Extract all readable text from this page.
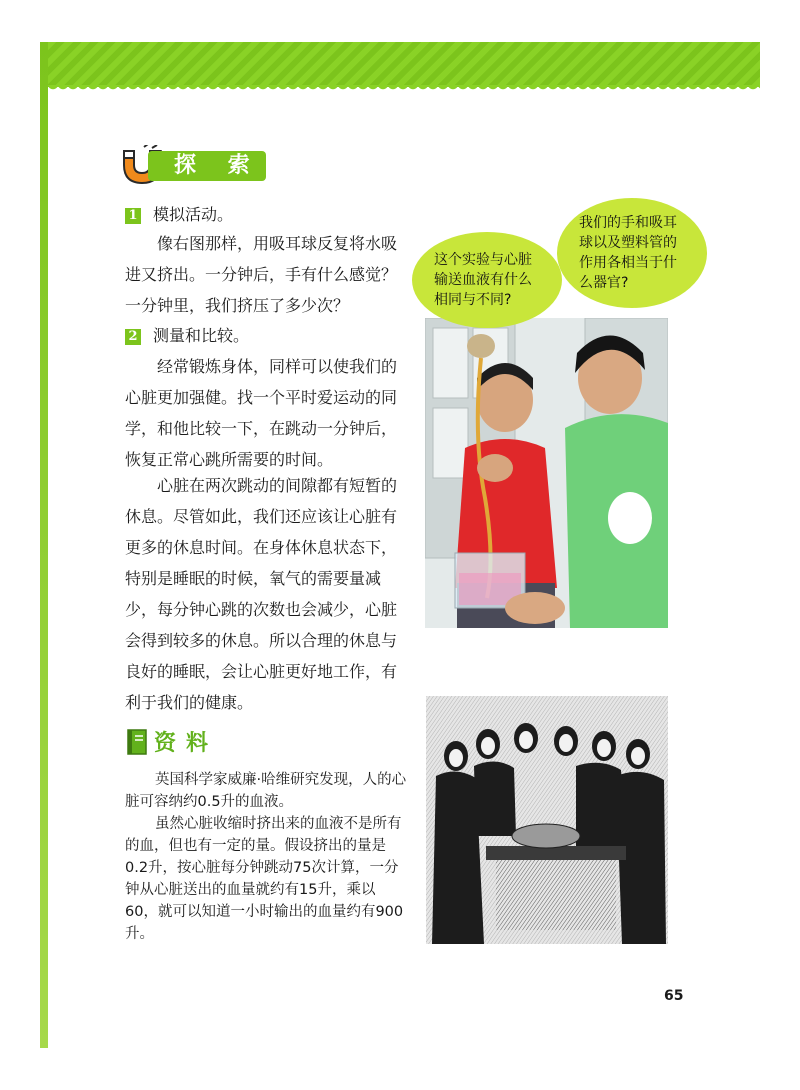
探 索
1 模拟活动。

像右图那样，用吸耳球反复将水吸进又挤出。一分钟后，手有什么感觉？一分钟里，我们挤压了多少次？

2 测量和比较。

经常锻炼身体，同样可以使我们的心脏更加强健。找一个平时爱运动的同学，和他比较一下，在跳动一分钟后，恢复正常心跳所需要的时间。

心脏在两次跳动的间隙都有短暂的休息。尽管如此，我们还应该让心脏有更多的休息时间。在身体休息状态下，特别是睡眠的时候，氧气的需要量减少，每分钟心跳的次数也会减少，心脏会得到较多的休息。所以合理的休息与良好的睡眠，会让心脏更好地工作，有利于我们的健康。

这个实验与心脏输送血液有什么相同与不同?
我们的手和吸耳球以及塑料管的作用各相当于什么器官?
资料

英国科学家威廉·哈维研究发现，人的心脏可容纳约0.5升的血液。

虽然心脏收缩时挤出来的血液不是所有的血，但也有一定的量。假设挤出的量是0.2升，按心脏每分钟跳动75次计算，一分钟从心脏送出的血量就约有15升，乘以60，就可以知道一小时输出的血量约有900升。

65
